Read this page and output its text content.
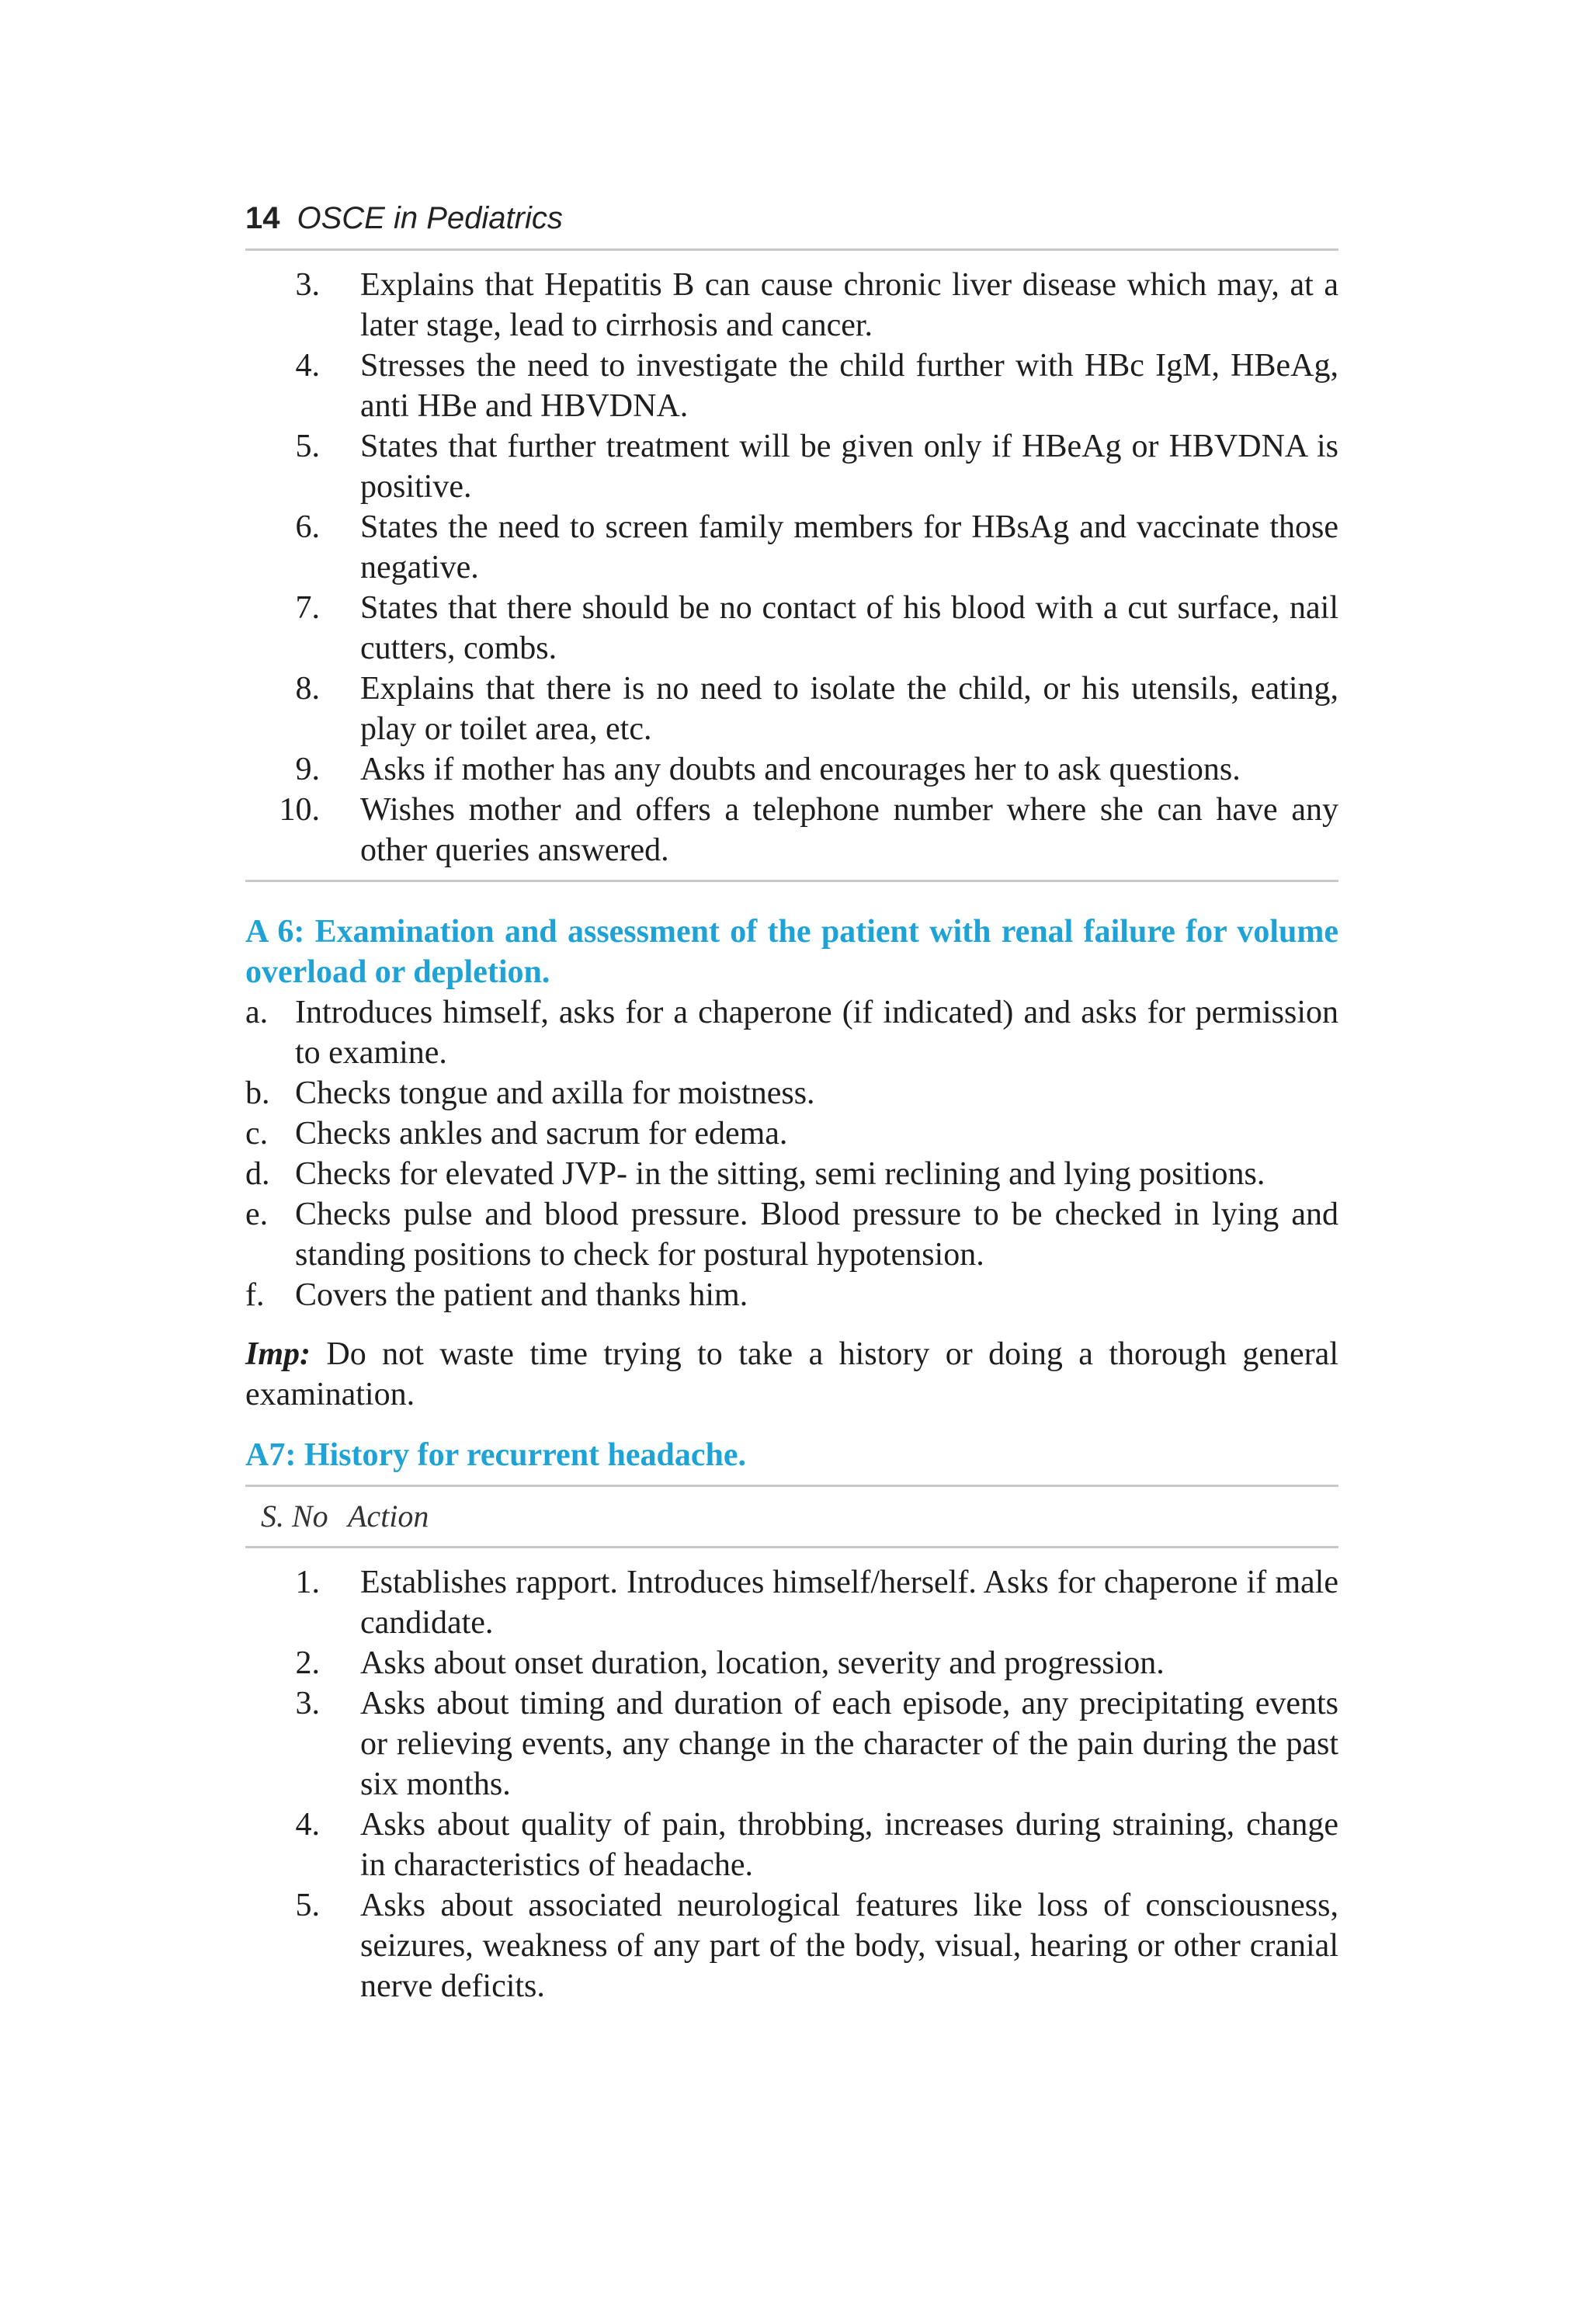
14 OSCE in Pediatrics
3.	Explains that Hepatitis B can cause chronic liver disease which may, at a later stage, lead to cirrhosis and cancer.
4.	Stresses the need to investigate the child further with HBc IgM, HBeAg, anti HBe and HBVDNA.
5.	States that further treatment will be given only if HBeAg or HBVDNA is positive.
6.	States the need to screen family members for HBsAg and vaccinate those negative.
7.	States that there should be no contact of his blood with a cut surface, nail cutters, combs.
8.	Explains that there is no need to isolate the child, or his utensils, eating, play or toilet area, etc.
9.	Asks if mother has any doubts and encourages her to ask questions.
10.	Wishes mother and offers a telephone number where she can have any other queries answered.
A 6: Examination and assessment of the patient with renal failure for volume overload or depletion.
a. Introduces himself, asks for a chaperone (if indicated) and asks for permission to examine.
b. Checks tongue and axilla for moistness.
c. Checks ankles and sacrum for edema.
d. Checks for elevated JVP- in the sitting, semi reclining and lying positions.
e. Checks pulse and blood pressure. Blood pressure to be checked in lying and standing positions to check for postural hypotension.
f. Covers the patient and thanks him.
Imp: Do not waste time trying to take a history or doing a thorough general examination.
A7: History for recurrent headache.
S. No Action
1.	Establishes rapport. Introduces himself/herself. Asks for chaperone if male candidate.
2.	Asks about onset duration, location, severity and progression.
3.	Asks about timing and duration of each episode, any precipitating events or relieving events, any change in the character of the pain during the past six months.
4.	Asks about quality of pain, throbbing, increases during straining, change in characteristics of headache.
5.	Asks about associated neurological features like loss of consciousness, seizures, weakness of any part of the body, visual, hearing or other cranial nerve deficits.
